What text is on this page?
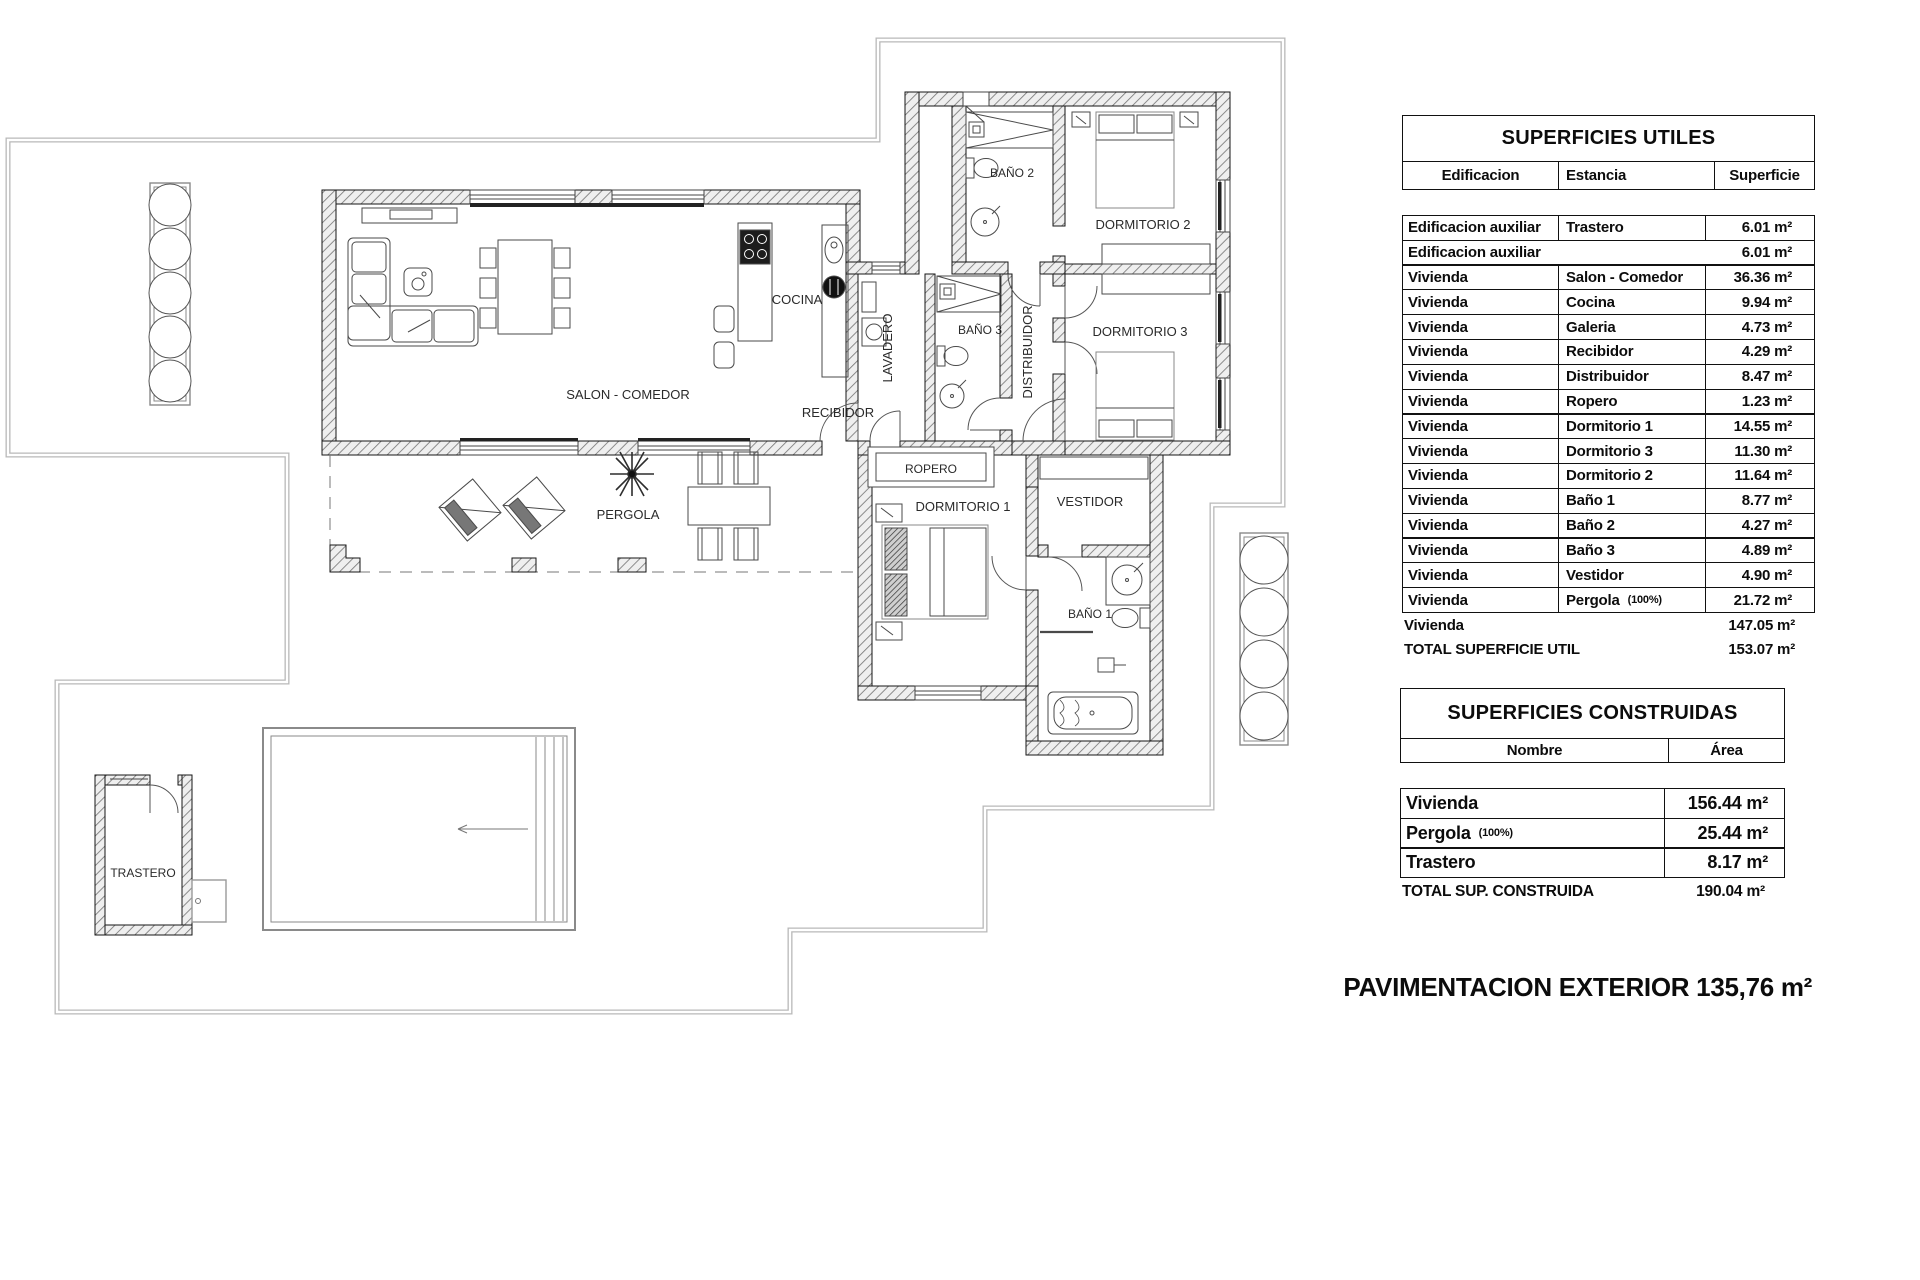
SALON - COMEDOR
COCINA
LAVADERO	BAÑO 3
BAÑO 2
DISTRIBUIDOR
DORMITORIO 2
DORMITORIO 3
RECIBIDOR
ROPERO
DORMITORIO 1	VESTIDOR
BAÑO 1
PERGOLA
TRASTERO
SUPERFICIES UTILES
Edificacion	Estancia	Superficie
Edificacion auxiliar	Trastero	6.01 m²
Edificacion auxiliar	6.01 m²
Vivienda	Salon - Comedor	36.36 m²
Vivienda	Cocina	9.94 m²
Vivienda	Galeria	4.73 m²
Vivienda	Recibidor	4.29 m²
Vivienda	Distribuidor	8.47 m²
Vivienda	Ropero	1.23 m²
Vivienda	Dormitorio 1	14.55 m²
Vivienda	Dormitorio 3	11.30 m²
Vivienda	Dormitorio 2	11.64 m²
Vivienda	Baño 1	8.77 m²
Vivienda	Baño 2	4.27 m²
Vivienda	Baño 3	4.89 m²
Vivienda	Vestidor	4.90 m²
Vivienda	Pergola (100%)	21.72 m²
Vivienda	147.05 m²
TOTAL SUPERFICIE UTIL	153.07 m²
SUPERFICIES CONSTRUIDAS
Nombre	Área
Vivienda	156.44 m²
Pergola (100%)	25.44 m²
Trastero	8.17 m²
TOTAL SUP. CONSTRUIDA	190.04 m²
PAVIMENTACION EXTERIOR 135,76 m²
